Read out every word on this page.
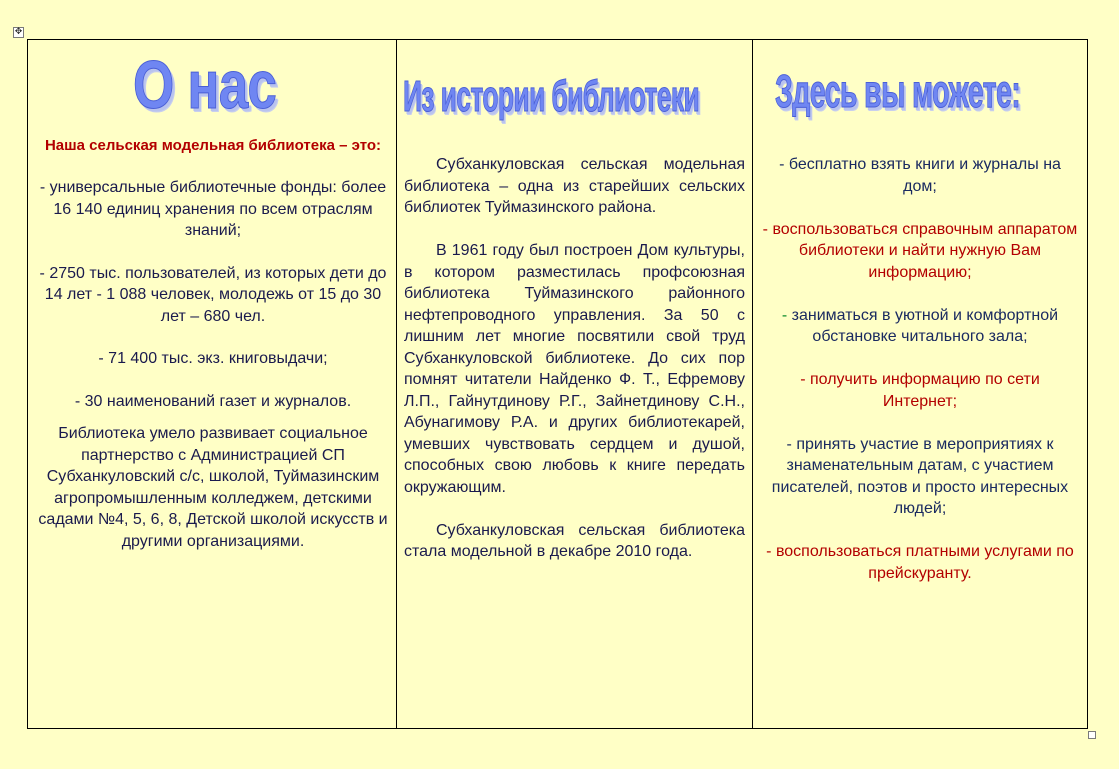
✥
О нас
Наша сельская модельная библиотека – это:
- универсальные библиотечные фонды: более 16 140 единиц хранения по всем отраслям знаний;
- 2750 тыс. пользователей, из которых дети до 14 лет - 1 088 человек, молодежь от 15 до 30 лет – 680 чел.
- 71 400 тыс. экз. книговыдачи;
- 30 наименований газет и журналов.
Библиотека умело развивает социальное партнерство с Администрацией СП Субханкуловский с/с, школой, Туймазинским агропромышленным колледжем, детскими садами №4, 5, 6, 8, Детской школой искусств и другими организациями.
Из истории библиотеки

Субханкуловская сельская модельная библиотека – одна из старейших сельских библиотек Туймазинского района.

В 1961 году был построен Дом культуры, в котором разместилась профсоюзная библиотека Туймазинского районного нефтепроводного управления. За 50 с лишним лет многие посвятили свой труд Субханкуловской библиотеке. До сих пор помнят читатели Найденко Ф. Т., Ефремову Л.П., Гайнутдинову Р.Г., Зайнетдинову С.Н., Абунагимову Р.А. и других библиотекарей, умевших чувствовать сердцем и душой, способных свою любовь к книге передать окружающим.

Субханкуловская сельская библиотека стала модельной в декабре 2010 года.

Здесь вы можете:

- бесплатно взять книги и журналы на дом;

- воспользоваться справочным аппаратом библиотеки и найти нужную Вам информацию;

- заниматься в уютной и комфортной обстановке читального зала;

- получить информацию по сети Интернет;

- принять участие в мероприятиях к знаменательным датам, с участием писателей, поэтов и просто интересных людей;

- воспользоваться платными услугами по прейскуранту.
